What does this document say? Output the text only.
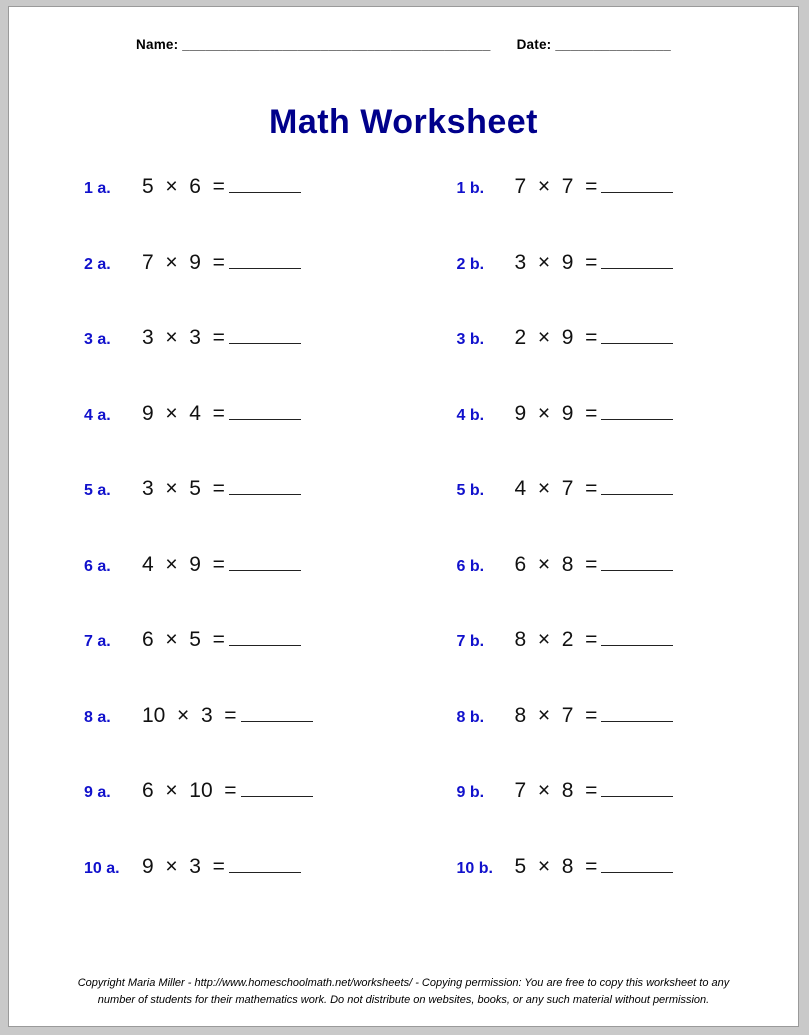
Name: ________________________________________ Date: _______________
Math Worksheet
1 a.	5  ×  6  =	1 b.	7  ×  7  =
2 a.	7  ×  9  =	2 b.	3  ×  9  =
3 a.	3  ×  3  =	3 b.	2  ×  9  =
4 a.	9  ×  4  =	4 b.	9  ×  9  =
5 a.	3  ×  5  =	5 b.	4  ×  7  =
6 a.	4  ×  9  =	6 b.	6  ×  8  =
7 a.	6  ×  5  =	7 b.	8  ×  2  =
8 a.	10  ×  3  =	8 b.	8  ×  7  =
9 a.	6  ×  10  =	9 b.	7  ×  8  =
10 a.	9  ×  3  =	10 b.	5  ×  8  =
Copyright Maria Miller - http://www.homeschoolmath.net/worksheets/ - Copying permission: You are free to copy this worksheet to any
number of students for their mathematics work. Do not distribute on websites, books, or any such material without permission.
